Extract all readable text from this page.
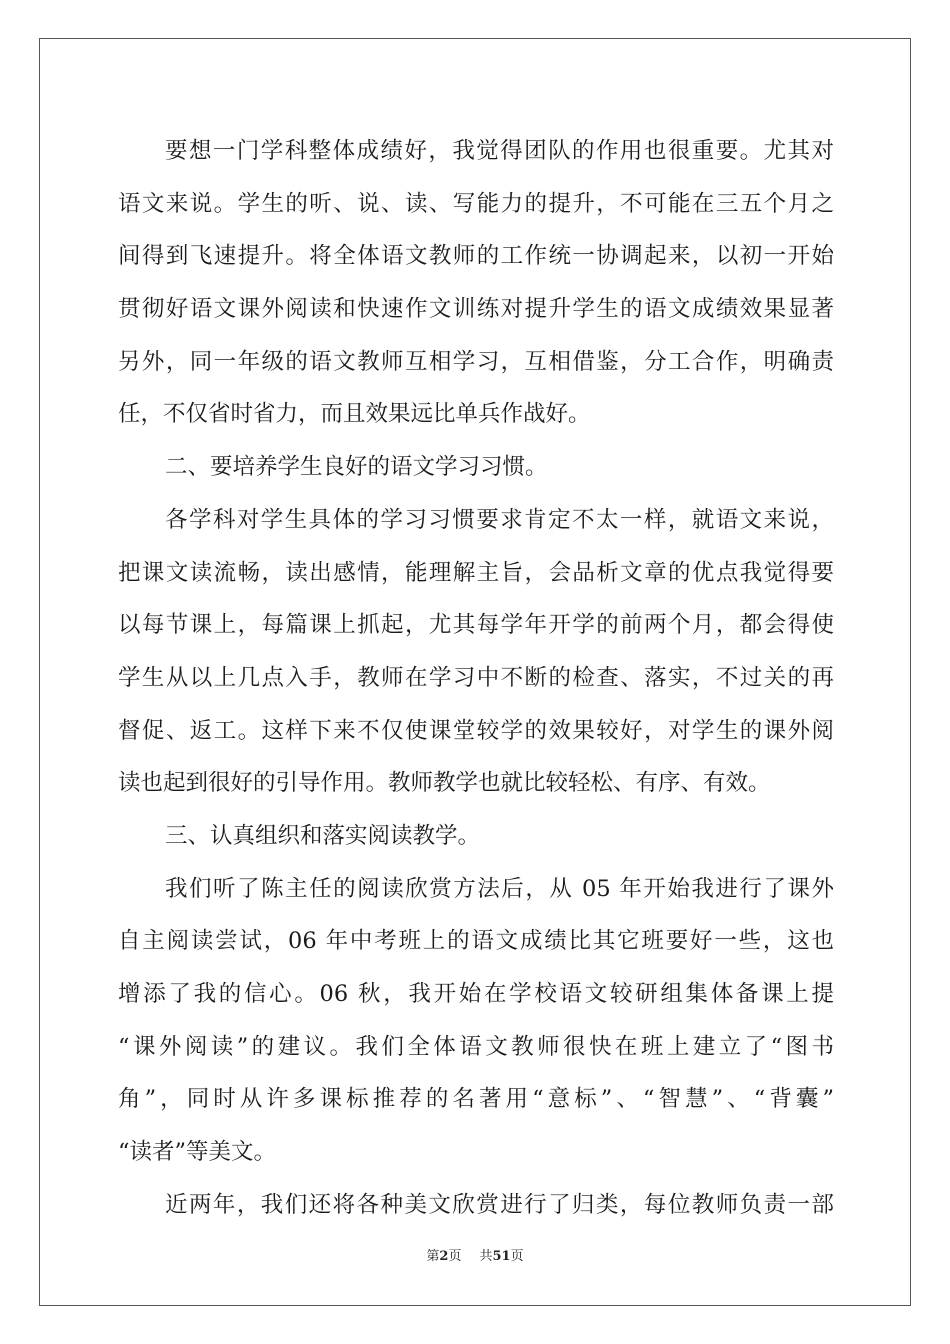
要想一门学科整体成绩好，我觉得团队的作用也很重要。尤其对
语文来说。学生的听、说、读、写能力的提升，不可能在三五个月之
间得到飞速提升。将全体语文教师的工作统一协调起来，以初一开始
贯彻好语文课外阅读和快速作文训练对提升学生的语文成绩效果显著
另外，同一年级的语文教师互相学习，互相借鉴，分工合作，明确责
任，不仅省时省力，而且效果远比单兵作战好。
二、要培养学生良好的语文学习习惯。
各学科对学生具体的学习习惯要求肯定不太一样，就语文来说，
把课文读流畅，读出感情，能理解主旨，会品析文章的优点我觉得要
以每节课上，每篇课上抓起，尤其每学年开学的前两个月，都会得使
学生从以上几点入手，教师在学习中不断的检查、落实，不过关的再
督促、返工。这样下来不仅使课堂较学的效果较好，对学生的课外阅
读也起到很好的引导作用。教师教学也就比较轻松、有序、有效。
三、认真组织和落实阅读教学。
我们听了陈主任的阅读欣赏方法后，从 05 年开始我进行了课外
自主阅读尝试，06 年中考班上的语文成绩比其它班要好一些，这也
增添了我的信心。06 秋，我开始在学校语文较研组集体备课上提
“课外阅读”的建议。我们全体语文教师很快在班上建立了“图书
角”，同时从许多课标推荐的名著用“意标”、“智慧”、“背囊”
“读者”等美文。
近两年，我们还将各种美文欣赏进行了归类，每位教师负责一部
第2页 共51页
